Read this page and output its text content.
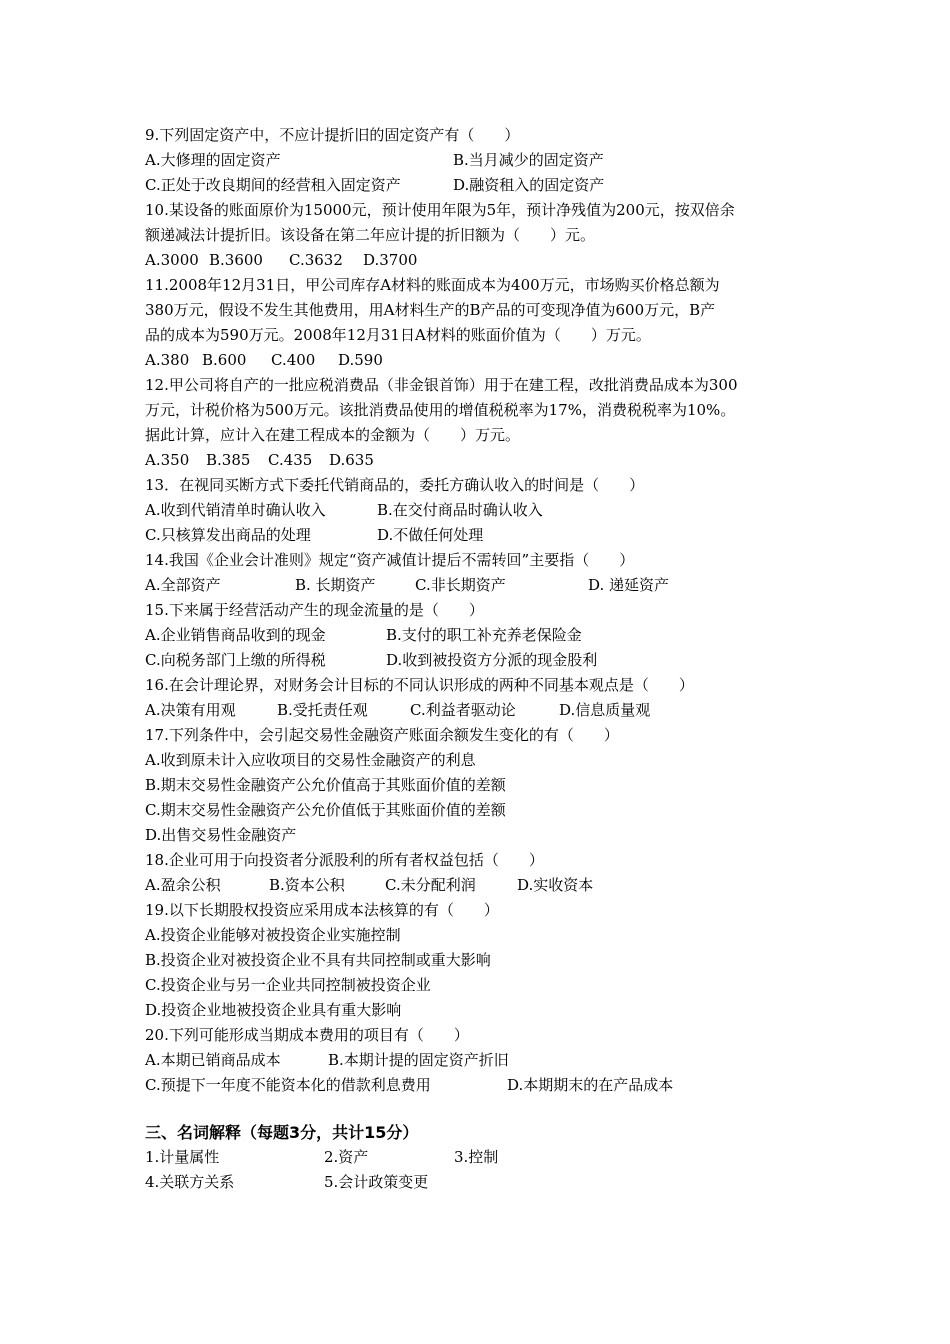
9.下列固定资产中，不应计提折旧的固定资产有（　　）
A.大修理的固定资产	B.当月减少的固定资产
C.正处于改良期间的经营租入固定资产	D.融资租入的固定资产
10.某设备的账面原价为15000元，预计使用年限为5年，预计净残值为200元，按双倍余
额递减法计提折旧。该设备在第二年应计提的折旧额为（　　）元。
A.3000 B.3600 C.3632 D.3700
11.2008年12月31日，甲公司库存A材料的账面成本为400万元，市场购买价格总额为
380万元，假设不发生其他费用，用A材料生产的B产品的可变现净值为600万元，B产
品的成本为590万元。2008年12月31日A材料的账面价值为（　　）万元。
A.380 B.600 C.400 D.590
12.甲公司将自产的一批应税消费品（非金银首饰）用于在建工程，改批消费品成本为300
万元，计税价格为500万元。该批消费品使用的增值税税率为17%，消费税税率为10%。
据此计算，应计入在建工程成本的金额为（　　）万元。
A.350 B.385 C.435 D.635
13．在视同买断方式下委托代销商品的，委托方确认收入的时间是（　　）
A.收到代销清单时确认收入	B.在交付商品时确认收入
C.只核算发出商品的处理	D.不做任何处理
14.我国《企业会计准则》规定“资产减值计提后不需转回”主要指（　　）
A.全部资产	B. 长期资产	C.非长期资产	D. 递延资产
15.下来属于经营活动产生的现金流量的是（　　）
A.企业销售商品收到的现金	B.支付的职工补充养老保险金
C.向税务部门上缴的所得税	D.收到被投资方分派的现金股利
16.在会计理论界，对财务会计目标的不同认识形成的两种不同基本观点是（　　）
A.决策有用观	B.受托责任观	C.利益者驱动论	D.信息质量观
17.下列条件中，会引起交易性金融资产账面余额发生变化的有（　　）
A.收到原未计入应收项目的交易性金融资产的利息
B.期末交易性金融资产公允价值高于其账面价值的差额
C.期末交易性金融资产公允价值低于其账面价值的差额
D.出售交易性金融资产
18.企业可用于向投资者分派股利的所有者权益包括（　　）
A.盈余公积	B.资本公积	C.未分配利润	D.实收资本
19.以下长期股权投资应采用成本法核算的有（　　）
A.投资企业能够对被投资企业实施控制
B.投资企业对被投资企业不具有共同控制或重大影响
C.投资企业与另一企业共同控制被投资企业
D.投资企业地被投资企业具有重大影响
20.下列可能形成当期成本费用的项目有（　　）
A.本期已销商品成本	B.本期计提的固定资产折旧
C.预提下一年度不能资本化的借款利息费用	D.本期期末的在产品成本
三、名词解释（每题3分，共计15分）
1.计量属性	2.资产	3.控制
4.关联方关系	5.会计政策变更
